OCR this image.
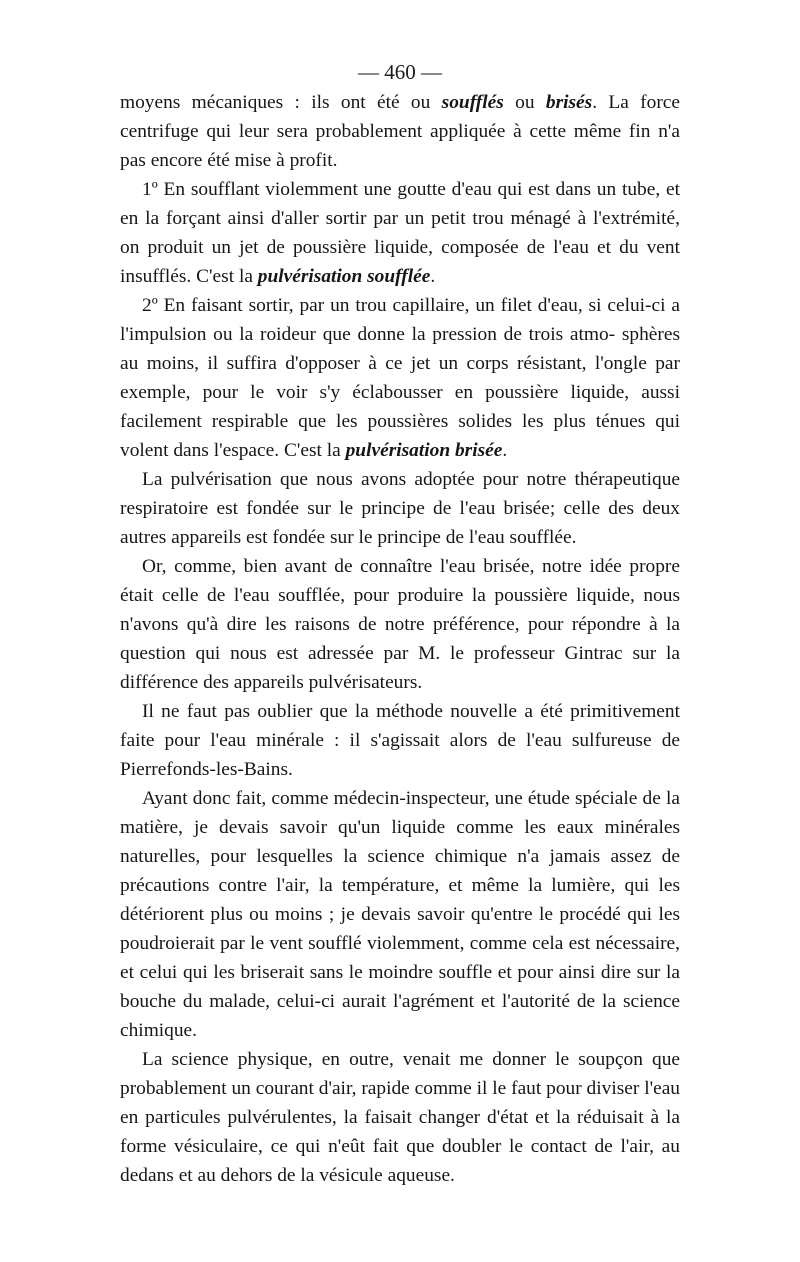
— 460 —

moyens mécaniques : ils ont été ou soufflés ou brisés. La force centrifuge qui leur sera probablement appliquée à cette même fin n'a pas encore été mise à profit.

1º En soufflant violemment une goutte d'eau qui est dans un tube, et en la forçant ainsi d'aller sortir par un petit trou ménagé à l'extrémité, on produit un jet de poussière liquide, composée de l'eau et du vent insufflés. C'est la pulvérisation soufflée.

2º En faisant sortir, par un trou capillaire, un filet d'eau, si celui-ci a l'impulsion ou la roideur que donne la pression de trois atmo- sphères au moins, il suffira d'opposer à ce jet un corps résistant, l'ongle par exemple, pour le voir s'y éclabousser en poussière liquide, aussi facilement respirable que les poussières solides les plus ténues qui volent dans l'espace. C'est la pulvérisation brisée.

La pulvérisation que nous avons adoptée pour notre thérapeutique respiratoire est fondée sur le principe de l'eau brisée; celle des deux autres appareils est fondée sur le principe de l'eau soufflée.

Or, comme, bien avant de connaître l'eau brisée, notre idée propre était celle de l'eau soufflée, pour produire la poussière liquide, nous n'avons qu'à dire les raisons de notre préférence, pour répondre à la question qui nous est adressée par M. le professeur Gintrac sur la différence des appareils pulvérisateurs.

Il ne faut pas oublier que la méthode nouvelle a été primitivement faite pour l'eau minérale : il s'agissait alors de l'eau sulfureuse de Pierrefonds-les-Bains.

Ayant donc fait, comme médecin-inspecteur, une étude spéciale de la matière, je devais savoir qu'un liquide comme les eaux minérales naturelles, pour lesquelles la science chimique n'a jamais assez de précautions contre l'air, la température, et même la lumière, qui les détériorent plus ou moins ; je devais savoir qu'entre le procédé qui les poudroierait par le vent soufflé violemment, comme cela est nécessaire, et celui qui les briserait sans le moindre souffle et pour ainsi dire sur la bouche du malade, celui-ci aurait l'agrément et l'autorité de la science chimique.

La science physique, en outre, venait me donner le soupçon que probablement un courant d'air, rapide comme il le faut pour diviser l'eau en particules pulvérulentes, la faisait changer d'état et la réduisait à la forme vésiculaire, ce qui n'eût fait que doubler le contact de l'air, au dedans et au dehors de la vésicule aqueuse.
